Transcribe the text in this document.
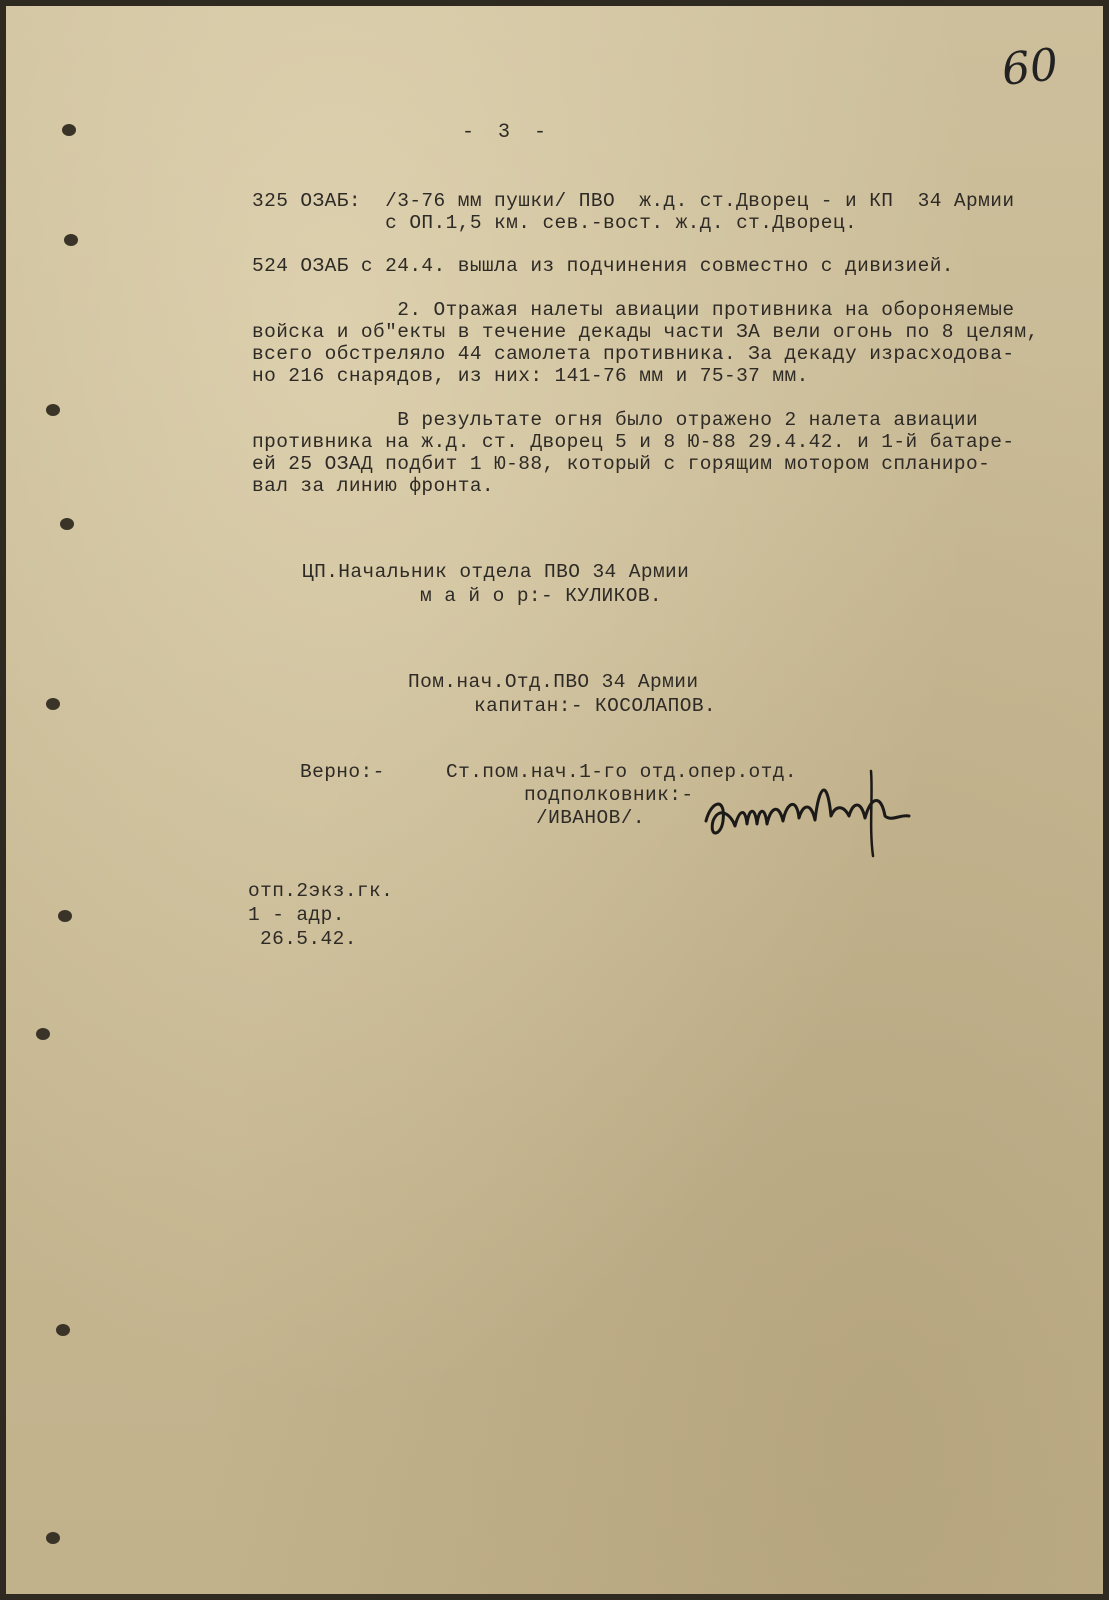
60
-  3  -
325 ОЗАБ:  /3-76 мм пушки/ ПВО  ж.д. ст.Дворец - и КП  34 Армии
с ОП.1,5 км. сев.-вост. ж.д. ст.Дворец.
524 ОЗАБ с 24.4. вышла из подчинения совместно с дивизией.
2. Отражая налеты авиации противника на обороняемые
войска и об"екты в течение декады части ЗА вели огонь по 8 целям,
всего обстреляло 44 самолета противника. За декаду израсходова-
но 216 снарядов, из них: 141-76 мм и 75-37 мм.
В результате огня было отражено 2 налета авиации
противника на ж.д. ст. Дворец 5 и 8 Ю-88 29.4.42. и 1-й батаре-
ей 25 ОЗАД подбит 1 Ю-88, который с горящим мотором спланиро-
вал за линию фронта.
ЦП.Начальник отдела ПВО 34 Армии
м а й о р:- КУЛИКОВ.
Пом.нач.Отд.ПВО 34 Армии
капитан:- КОСОЛАПОВ.
Верно:-	Ст.пом.нач.1-го отд.опер.отд.
подполковник:-
/ИВАНОВ/.
отп.2экз.гк.
1 - адр.
26.5.42.
